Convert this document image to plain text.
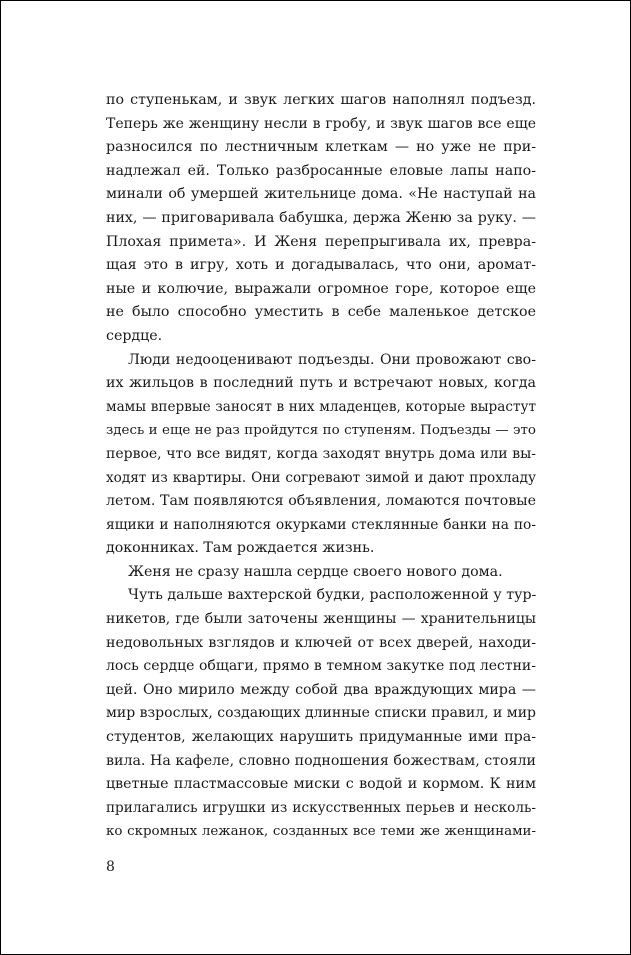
по ступенькам, и звук легких шагов наполнял подъезд.
Теперь же женщину несли в гробу, и звук шагов все еще
разносился по лестничным клеткам — но уже не при-
надлежал ей. Только разбросанные еловые лапы напо-
минали об умершей жительнице дома. «Не наступай на
них, — приговаривала бабушка, держа Женю за руку. —
Плохая примета». И Женя перепрыгивала их, превра-
щая это в игру, хоть и догадывалась, что они, аромат-
ные и колючие, выражали огромное горе, которое еще
не было способно уместить в себе маленькое детское
сердце.
Люди недооценивают подъезды. Они провожают сво-
их жильцов в последний путь и встречают новых, когда
мамы впервые заносят в них младенцев, которые вырастут
здесь и еще не раз пройдутся по ступеням. Подъезды — это
первое, что все видят, когда заходят внутрь дома или вы-
ходят из квартиры. Они согревают зимой и дают прохладу
летом. Там появляются объявления, ломаются почтовые
ящики и наполняются окурками стеклянные банки на по-
доконниках. Там рождается жизнь.
Женя не сразу нашла сердце своего нового дома.
Чуть дальше вахтерской будки, расположенной у тур-
никетов, где были заточены женщины — хранительницы
недовольных взглядов и ключей от всех дверей, находи-
лось сердце общаги, прямо в темном закутке под лестни-
цей. Оно мирило между собой два враждующих мира —
мир взрослых, создающих длинные списки правил, и мир
студентов, желающих нарушить придуманные ими пра-
вила. На кафеле, словно подношения божествам, стояли
цветные пластмассовые миски с водой и кормом. К ним
прилагались игрушки из искусственных перьев и несколь-
ко скромных лежанок, созданных все теми же женщинами-
8
